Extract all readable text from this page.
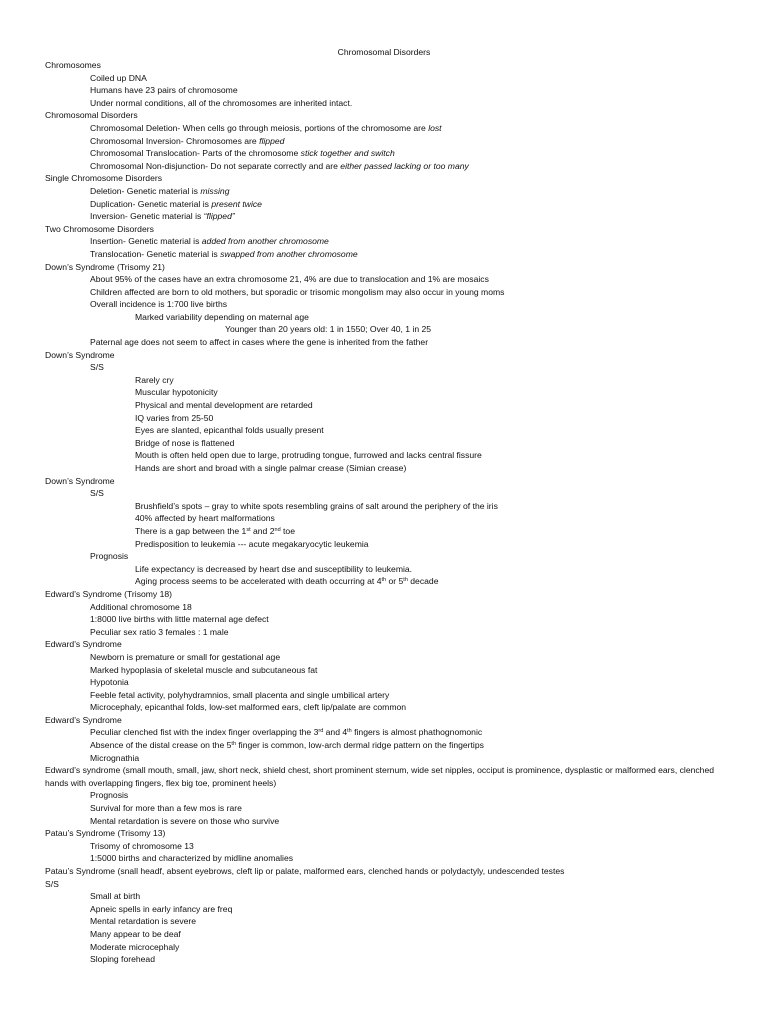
Chromosomal Disorders
Chromosomes
Coiled up DNA
Humans have 23 pairs of chromosome
Under normal conditions, all of the chromosomes are inherited intact.
Chromosomal Disorders
Chromosomal Deletion- When cells go through meiosis, portions of the chromosome are lost
Chromosomal Inversion- Chromosomes are flipped
Chromosomal Translocation- Parts of the chromosome stick together and switch
Chromosomal Non-disjunction- Do not separate correctly and are either passed lacking or too many
Single Chromosome Disorders
Deletion- Genetic material is missing
Duplication- Genetic material is present twice
Inversion- Genetic material is “flipped”
Two Chromosome Disorders
Insertion- Genetic material is added from another chromosome
Translocation- Genetic material is swapped from another chromosome
Down’s Syndrome (Trisomy 21)
About 95% of the cases have an extra chromosome 21, 4% are due to translocation and 1% are mosaics
Children affected are born to old mothers, but sporadic or trisomic mongolism may also occur in young moms
Overall incidence is 1:700 live births
Marked variability depending on maternal age
Younger than 20 years old: 1 in 1550; Over 40, 1 in 25
Paternal age does not seem to affect in cases where the gene is inherited from the father
Down’s Syndrome
S/S
Rarely cry
Muscular hypotonicity
Physical and mental development are retarded
IQ varies from 25-50
Eyes are slanted, epicanthal folds usually present
Bridge of nose is flattened
Mouth is often held open due to large, protruding tongue, furrowed and lacks central fissure
Hands are short and broad with a single palmar crease (Simian crease)
Down’s Syndrome
S/S
Brushfield’s spots – gray to white spots resembling grains of salt around the periphery of the iris
40% affected by heart malformations
There is a gap between the 1st and 2nd toe
Predisposition to leukemia --- acute megakaryocytic leukemia
Prognosis
Life expectancy is decreased by heart dse and susceptibility to leukemia.
Aging process seems to be accelerated with death occurring at 4th or 5th decade
Edward’s Syndrome (Trisomy 18)
Additional chromosome 18
1:8000 live births with little maternal age defect
Peculiar sex ratio 3 females : 1 male
Edward’s Syndrome
Newborn is premature or small for gestational age
Marked hypoplasia of skeletal muscle and subcutaneous fat
Hypotonia
Feeble fetal activity, polyhydramnios, small placenta and single umbilical artery
Microcephaly, epicanthal folds, low-set malformed ears, cleft lip/palate are common
Edward’s Syndrome
Peculiar clenched fist with the index finger overlapping the 3rd and 4th fingers is almost phathognomonic
Absence of the distal crease on the 5th finger is common, low-arch dermal ridge pattern on the fingertips
Micrognathia
Edward’s syndrome (small mouth, small, jaw, short neck, shield chest, short prominent sternum, wide set nipples, occiput is prominence, dysplastic or malformed ears, clenched hands with overlapping fingers, flex big toe, prominent heels)
Prognosis
Survival for more than a few mos is rare
Mental retardation is severe on those who survive
Patau’s Syndrome (Trisomy 13)
Trisomy of chromosome 13
1:5000 births and characterized by midline anomalies
Patau’s Syndrome (snall headf, absent eyebrows, cleft lip or palate, malformed ears, clenched hands or polydactyly, undescended testes
S/S
Small at birth
Apneic spells in early infancy are freq
Mental retardation is severe
Many appear to be deaf
Moderate microcephaly
Sloping forehead
